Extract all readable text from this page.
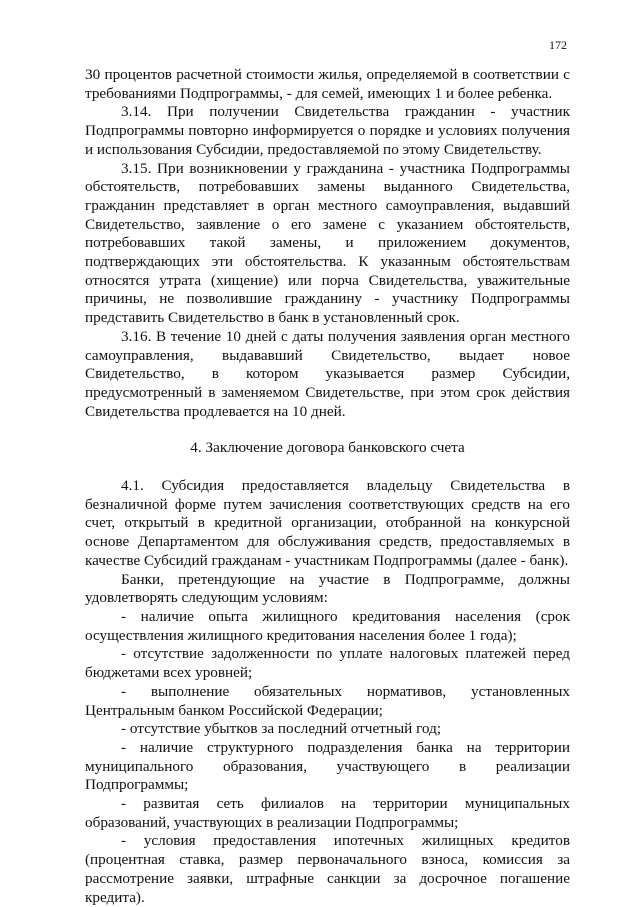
172

30 процентов расчетной стоимости жилья, определяемой в соответствии с требованиями Подпрограммы, - для семей, имеющих 1 и более ребенка.

3.14. При получении Свидетельства гражданин - участник Подпрограммы повторно информируется о порядке и условиях получения и использования Субсидии, предоставляемой по этому Свидетельству.

3.15. При возникновении у гражданина - участника Подпрограммы обстоятельств, потребовавших замены выданного Свидетельства, гражданин представляет в орган местного самоуправления, выдавший Свидетельство, заявление о его замене с указанием обстоятельств, потребовавших такой замены, и приложением документов, подтверждающих эти обстоятельства. К указанным обстоятельствам относятся утрата (хищение) или порча Свидетельства, уважительные причины, не позволившие гражданину - участнику Подпрограммы представить Свидетельство в банк в установленный срок.

3.16. В течение 10 дней с даты получения заявления орган местного самоуправления, выдававший Свидетельство, выдает новое Свидетельство, в котором указывается размер Субсидии, предусмотренный в заменяемом Свидетельстве, при этом срок действия Свидетельства продлевается на 10 дней.

4. Заключение договора банковского счета

4.1. Субсидия предоставляется владельцу Свидетельства в безналичной форме путем зачисления соответствующих средств на его счет, открытый в кредитной организации, отобранной на конкурсной основе Департаментом для обслуживания средств, предоставляемых в качестве Субсидий гражданам - участникам Подпрограммы (далее - банк).

Банки, претендующие на участие в Подпрограмме, должны удовлетворять следующим условиям:

- наличие опыта жилищного кредитования населения (срок осуществления жилищного кредитования населения более 1 года);

- отсутствие задолженности по уплате налоговых платежей перед бюджетами всех уровней;

- выполнение обязательных нормативов, установленных Центральным банком Российской Федерации;

- отсутствие убытков за последний отчетный год;

- наличие структурного подразделения банка на территории муниципального образования, участвующего в реализации Подпрограммы;

- развитая сеть филиалов на территории муниципальных образований, участвующих в реализации Подпрограммы;

- условия предоставления ипотечных жилищных кредитов (процентная ставка, размер первоначального взноса, комиссия за рассмотрение заявки, штрафные санкции за досрочное погашение кредита).
